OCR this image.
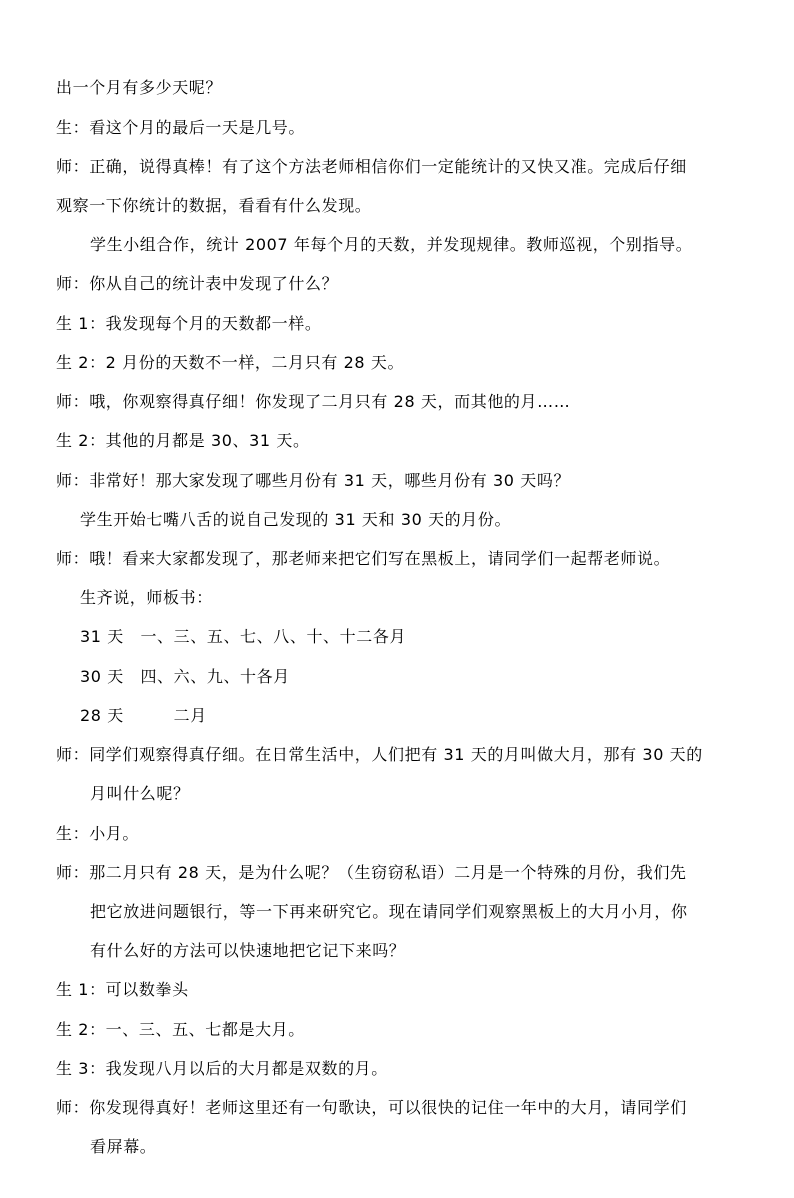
出一个月有多少天呢？
生：看这个月的最后一天是几号。
师：正确，说得真棒！有了这个方法老师相信你们一定能统计的又快又准。完成后仔细
观察一下你统计的数据，看看有什么发现。
学生小组合作，统计 2007 年每个月的天数，并发现规律。教师巡视，个别指导。
师：你从自己的统计表中发现了什么？
生 1：我发现每个月的天数都一样。
生 2：2 月份的天数不一样，二月只有 28 天。
师：哦，你观察得真仔细！你发现了二月只有 28 天，而其他的月……
生 2：其他的月都是 30、31 天。
师：非常好！那大家发现了哪些月份有 31 天，哪些月份有 30 天吗？
学生开始七嘴八舌的说自己发现的 31 天和 30 天的月份。
师：哦！看来大家都发现了，那老师来把它们写在黑板上，请同学们一起帮老师说。
生齐说，师板书：
31 天　一、三、五、七、八、十、十二各月
30 天　四、六、九、十各月
28 天　　　二月
师：同学们观察得真仔细。在日常生活中，人们把有 31 天的月叫做大月，那有 30 天的
月叫什么呢？
生：小月。
师：那二月只有 28 天，是为什么呢？（生窃窃私语）二月是一个特殊的月份，我们先
把它放进问题银行，等一下再来研究它。现在请同学们观察黑板上的大月小月，你
有什么好的方法可以快速地把它记下来吗？
生 1：可以数拳头
生 2：一、三、五、七都是大月。
生 3：我发现八月以后的大月都是双数的月。
师：你发现得真好！老师这里还有一句歌诀，可以很快的记住一年中的大月，请同学们
看屏幕。
